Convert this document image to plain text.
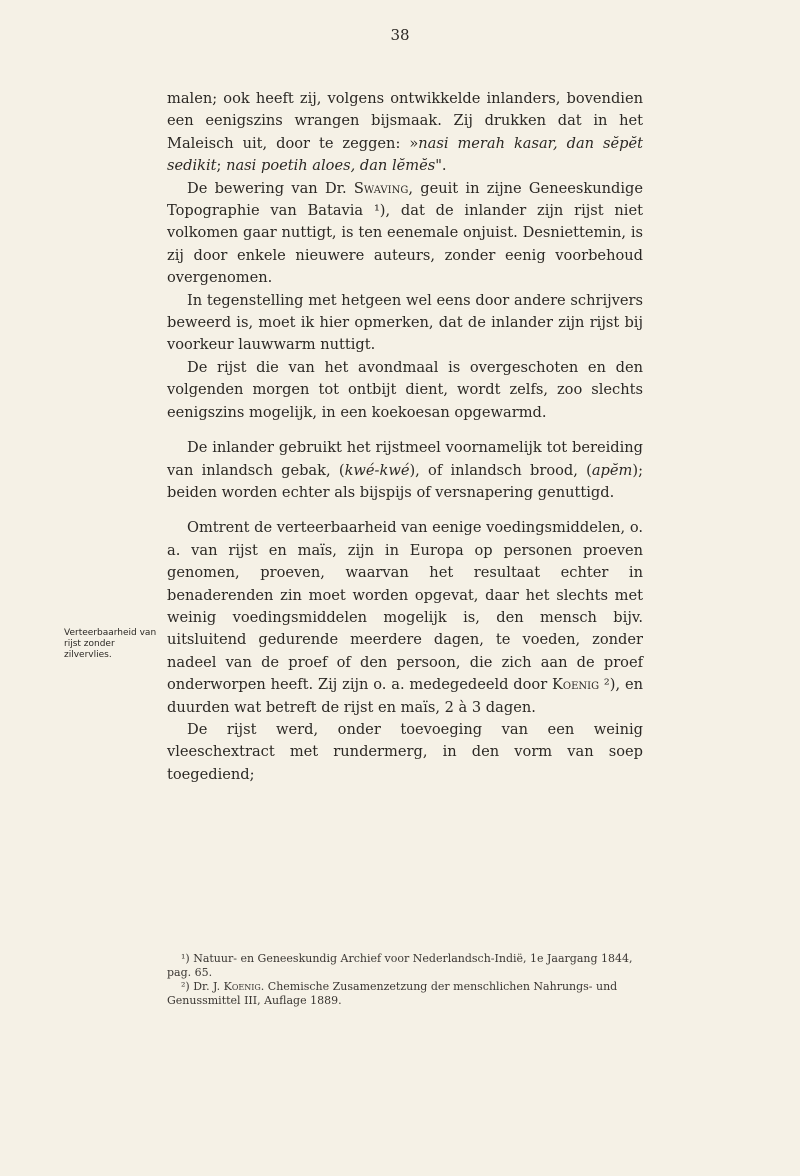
38

malen; ook heeft zij, volgens ontwikkelde inlanders, bovendien een eenigszins wrangen bijsmaak. Zij drukken dat in het Maleisch uit, door te zeggen: »nasi merah kasar, dan sĕpĕt sedikit; nasi poetih aloes, dan lĕmĕs".

De bewering van Dr. Swaving, geuit in zijne Geneeskundige Topographie van Batavia ¹), dat de inlander zijn rijst niet volkomen gaar nuttigt, is ten eenemale onjuist. Desniettemin, is zij door enkele nieuwere auteurs, zonder eenig voorbehoud overgenomen.

In tegenstelling met hetgeen wel eens door andere schrijvers beweerd is, moet ik hier opmerken, dat de inlander zijn rijst bij voorkeur lauwwarm nuttigt.

De rijst die van het avondmaal is overgeschoten en den volgenden morgen tot ontbijt dient, wordt zelfs, zoo slechts eenigszins mogelijk, in een koekoesan opgewarmd.

De inlander gebruikt het rijstmeel voornamelijk tot bereiding van inlandsch gebak, (kwé-kwé), of inlandsch brood, (apĕm); beiden worden echter als bijspijs of versnapering genuttigd.

Omtrent de verteerbaarheid van eenige voedingsmiddelen, o. a. van rijst en maïs, zijn in Europa op personen proeven genomen, proeven, waarvan het resultaat echter in benaderenden zin moet worden opgevat, daar het slechts met weinig voedingsmiddelen mogelijk is, den mensch bijv. uitsluitend gedurende meerdere dagen, te voeden, zonder nadeel van de proef of den persoon, die zich aan de proef onderworpen heeft. Zij zijn o. a. medegedeeld door Koenig ²), en duurden wat betreft de rijst en maïs, 2 à 3 dagen.

De rijst werd, onder toevoeging van een weinig vleeschextract met rundermerg, in den vorm van soep toegediend;

Verteerbaarheid van rijst zonder zilvervlies.

¹) Natuur- en Geneeskundig Archief voor Nederlandsch-Indië, 1e Jaargang 1844, pag. 65.

²) Dr. J. Koenig. Chemische Zusamenzetzung der menschlichen Nahrungs- und Genussmittel III, Auflage 1889.
